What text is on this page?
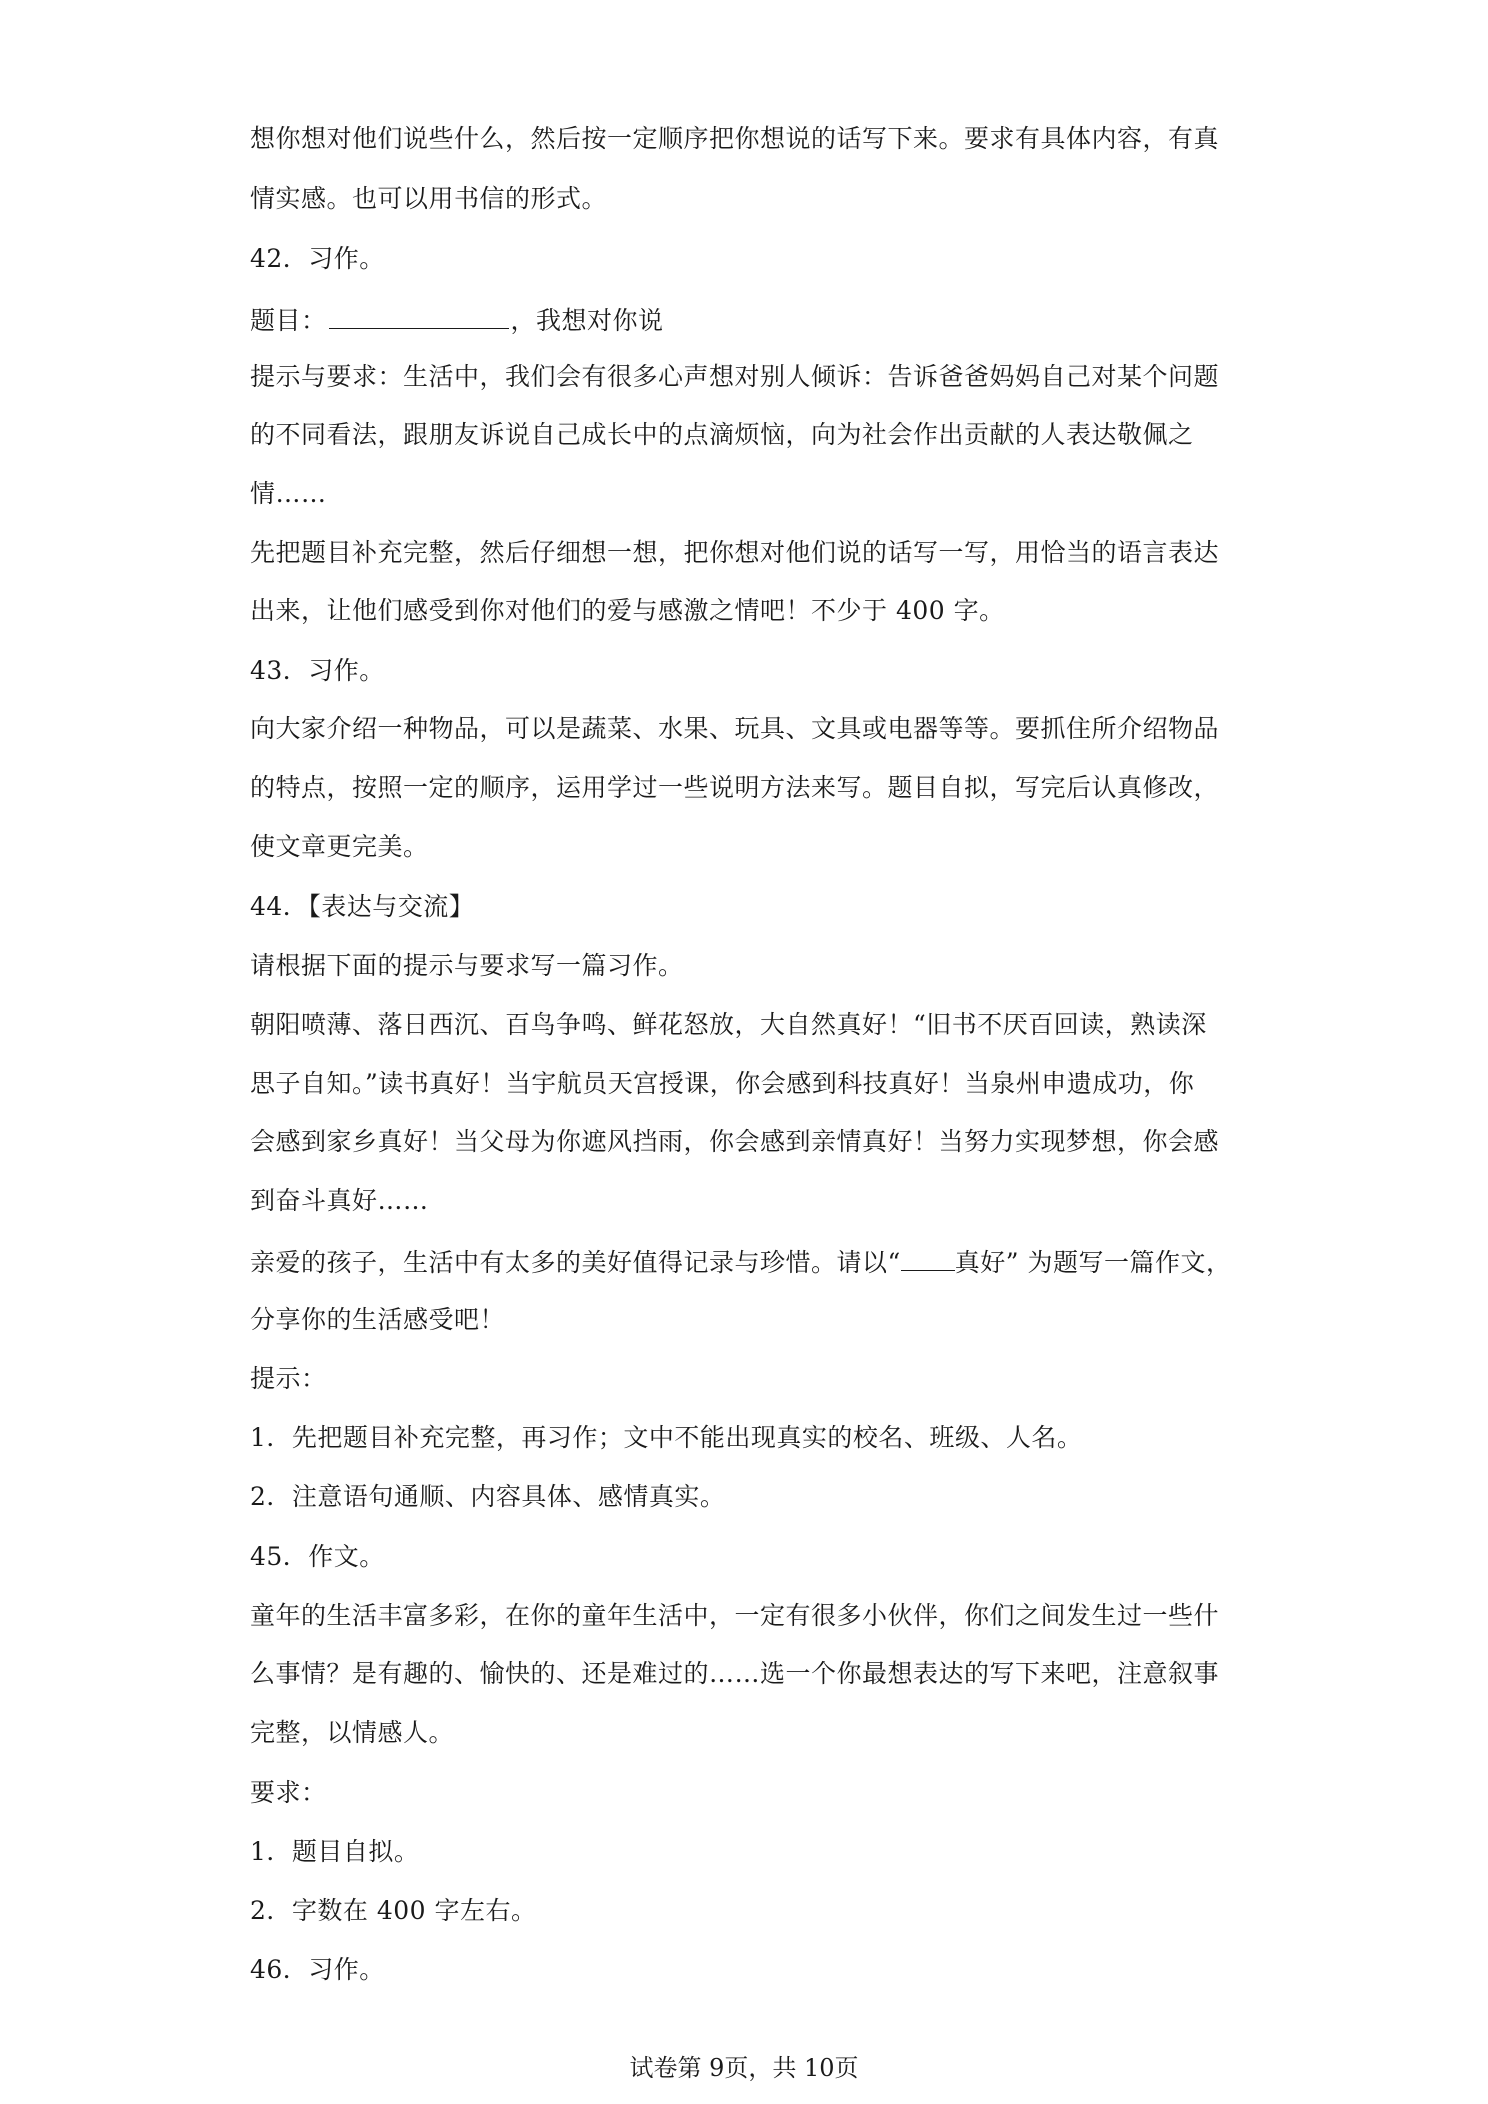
想你想对他们说些什么，然后按一定顺序把你想说的话写下来。要求有具体内容，有真
情实感。也可以用书信的形式。
42．习作。
题目：	，我想对你说
提示与要求：生活中，我们会有很多心声想对别人倾诉：告诉爸爸妈妈自己对某个问题
的不同看法，跟朋友诉说自己成长中的点滴烦恼，向为社会作出贡献的人表达敬佩之
情……
先把题目补充完整，然后仔细想一想，把你想对他们说的话写一写，用恰当的语言表达
出来，让他们感受到你对他们的爱与感激之情吧！不少于 400 字。
43．习作。
向大家介绍一种物品，可以是蔬菜、水果、玩具、文具或电器等等。要抓住所介绍物品
的特点，按照一定的顺序，运用学过一些说明方法来写。题目自拟，写完后认真修改，
使文章更完美。
44．【表达与交流】
请根据下面的提示与要求写一篇习作。
朝阳喷薄、落日西沉、百鸟争鸣、鲜花怒放，大自然真好！“旧书不厌百回读，熟读深
思子自知。”读书真好！当宇航员天宫授课，你会感到科技真好！当泉州申遗成功，你
会感到家乡真好！当父母为你遮风挡雨，你会感到亲情真好！当努力实现梦想，你会感
到奋斗真好……
亲爱的孩子，生活中有太多的美好值得记录与珍惜。请以“ 真好” 为题写一篇作文，
分享你的生活感受吧！
提示：
1．先把题目补充完整，再习作；文中不能出现真实的校名、班级、人名。
2．注意语句通顺、内容具体、感情真实。
45．作文。
童年的生活丰富多彩，在你的童年生活中，一定有很多小伙伴，你们之间发生过一些什
么事情？是有趣的、愉快的、还是难过的……选一个你最想表达的写下来吧，注意叙事
完整，以情感人。
要求：
1．题目自拟。
2．字数在 400 字左右。
46．习作。
试卷第 9页，共 10页
